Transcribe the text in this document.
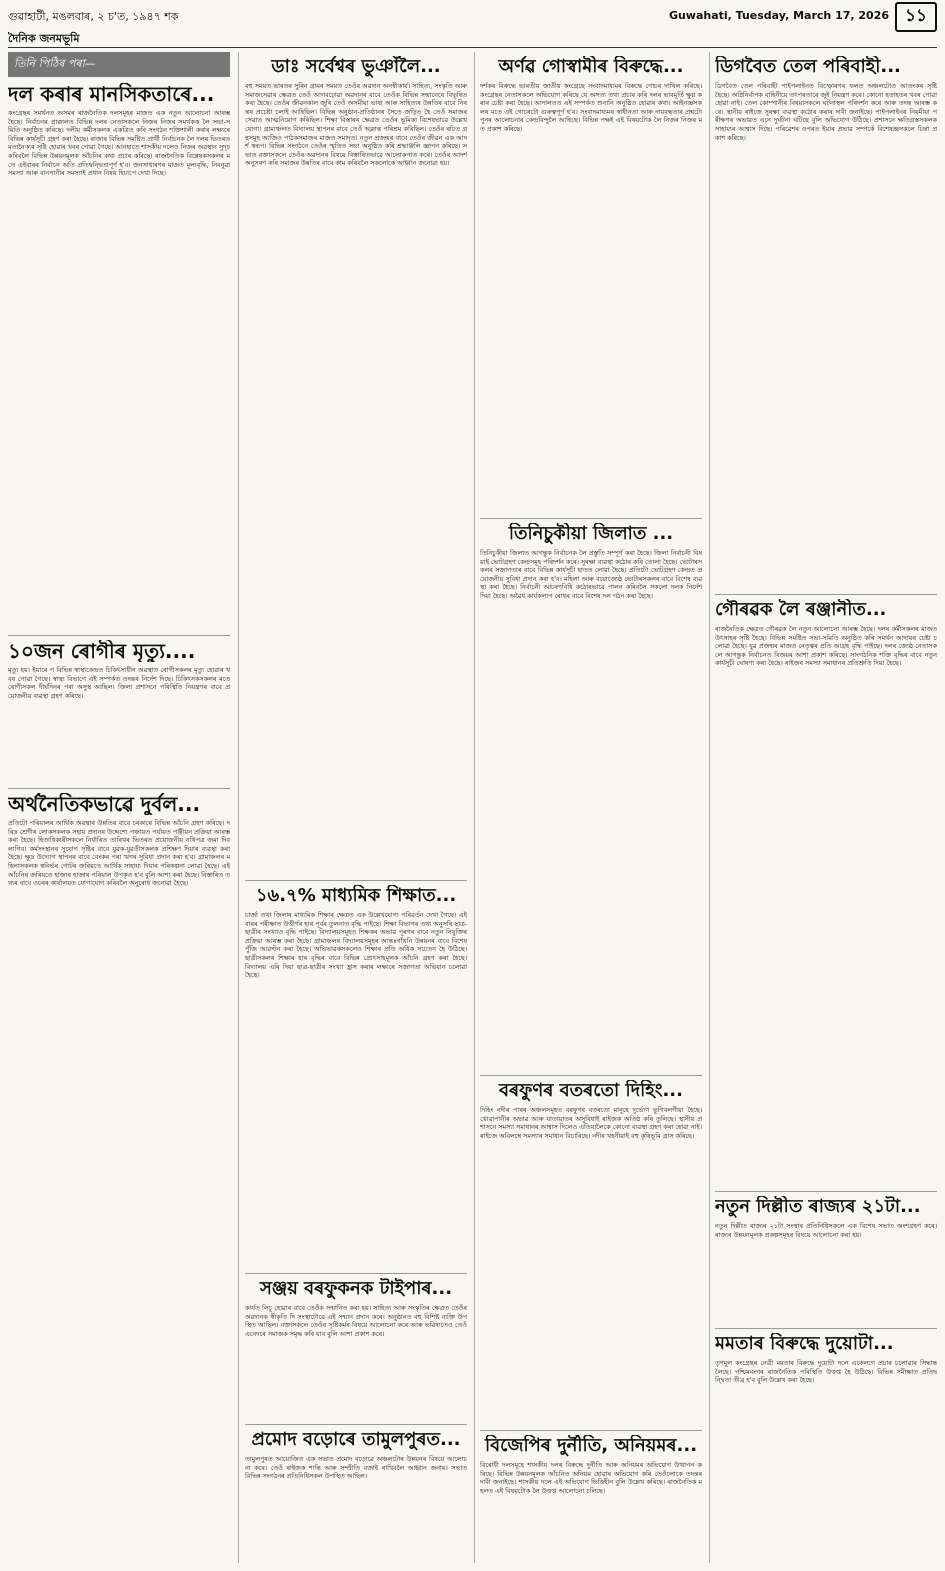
গুৱাহাটী, মঙলবাৰ, ২ চ'ত, ১৯৪৭ শক	Guwahati, Tuesday, March 17, 2026 ১১
দৈনিক জনমভূমি
তিনি পিঠিৰ পৰা—
দল কৰাৰ মানসিকতাৰে...
কংগ্ৰেছৰ সমৰ্থনত অসমৰ ৰাজনৈতিক দলসমূহৰ মাজত এক নতুন আলোচনা আৰম্ভ হৈছে। নিৰ্বাচনৰ প্ৰাক্কালত বিভিন্ন দলৰ নেতাসকলে নিজৰ নিজৰ সমৰ্থকক লৈ সভা-সমিতি অনুষ্ঠিত কৰিছে। দলীয় কৰ্মীসকলক একত্ৰিত কৰি সংগঠন শক্তিশালী কৰাৰ লক্ষ্যৰে বিভিন্ন কাৰ্যসূচী গ্ৰহণ কৰা হৈছে। ৰাজ্যৰ বিভিন্ন সমষ্টিত প্ৰাৰ্থী নিৰ্বাচনক লৈ দলৰ ভিতৰত মতানৈক্যৰ সৃষ্টি হোৱাৰ খবৰ পোৱা গৈছে। আনহাতে শাসকীয় দলেও নিজৰ অৱস্থান সুদৃঢ় কৰিবলৈ বিভিন্ন উন্নয়নমূলক আঁচনিৰ কথা প্ৰচাৰ কৰিছে। ৰাজনৈতিক বিশ্লেষকসকলৰ মতে এইবাৰৰ নিৰ্বাচন অতি প্ৰতিদ্বন্দ্বিতাপূৰ্ণ হ'ব। জনসাধাৰণৰ মাজত মূল্যবৃদ্ধি, নিবনুৱা সমস্যা আৰু বানপানীৰ সমস্যাই প্ৰধান বিষয় হিচাপে দেখা দিছে।
১০জন ৰোগীৰ মৃত্যু....
মৃত্যু হয়। ইয়াৰে প বিভিন্ন স্বাস্থ্যকেন্দ্ৰত চিকিৎসাধীন অৱস্থাত ৰোগীসকলৰ মৃত্যু হোৱাৰ খবৰ পোৱা গৈছে। স্বাস্থ্য বিভাগে এই সম্পৰ্কত তদন্তৰ নিৰ্দেশ দিছে। চিকিৎসকসকলৰ মতে ৰোগীসকল দীৰ্ঘদিনৰ পৰা অসুস্থ আছিল। জিলা প্ৰশাসনে পৰিস্থিতি নিয়ন্ত্ৰণৰ বাবে প্ৰয়োজনীয় ব্যৱস্থা গ্ৰহণ কৰিছে।
অৰ্থনৈতিকভাৱে দুৰ্বল...
প্ৰতিটো পৰিয়ালৰ আৰ্থিক অৱস্থাৰ উন্নতিৰ বাবে চৰকাৰে বিভিন্ন আঁচনি গ্ৰহণ কৰিছে। দৰিদ্ৰ শ্ৰেণীৰ লোকসকলক সহায় প্ৰদানৰ উদ্দেশ্যে পঞ্চায়ত পৰ্যায়ত পঞ্জীয়ন প্ৰক্ৰিয়া আৰম্ভ কৰা হৈছে। হিতাধিকাৰীসকলে নিৰ্ধাৰিত তাৰিখৰ ভিতৰত প্ৰয়োজনীয় নথিপত্ৰ জমা দিব লাগিব। কৰ্মসংস্থানৰ সুযোগ সৃষ্টিৰ বাবে যুৱক-যুৱতীসকলক প্ৰশিক্ষণ দিয়াৰ ব্যৱস্থা কৰা হৈছে। ক্ষুদ্ৰ উদ্যোগ স্থাপনৰ বাবে বেংকৰ পৰা ঋণৰ সুবিধা প্ৰদান কৰা হ'ব। গ্ৰামাঞ্চলৰ মহিলাসকলক স্বনিৰ্ভৰ গোটৰ জৰিয়তে আৰ্থিক সাহায্য দিয়াৰ পৰিকল্পনা লোৱা হৈছে। এই আঁচনিৰ জৰিয়তে হাজাৰ হাজাৰ পৰিয়াল উপকৃত হ'ব বুলি আশা কৰা হৈছে। বিস্তাৰিত তথ্যৰ বাবে ওচৰৰ কাৰ্যালয়ত যোগাযোগ কৰিবলৈ অনুৰোধ জনোৱা হৈছে।
ডাঃ সৰ্বেশ্বৰ ভুঞাঁলৈ...
বহু সময়ত ভাৰতৰ সুৰিন গ্ৰামৰ সময়ত তেওঁৰ অৱদান অনস্বীকাৰ্য। সাহিত্য, সংস্কৃতি আৰু সমাজসেৱাৰ ক্ষেত্ৰত তেওঁ আগবঢ়োৱা অৱদানৰ বাবে তেওঁক বিভিন্ন সন্মানেৰে বিভূষিত কৰা হৈছে। তেওঁৰ জীৱনকাল জুৰি তেওঁ অসমীয়া ভাষা আৰু সাহিত্যৰ উন্নতিৰ বাবে নিৰন্তৰ প্ৰচেষ্টা চলাই আহিছিল। বিভিন্ন অনুষ্ঠান-প্ৰতিষ্ঠানৰ সৈতে জড়িত হৈ তেওঁ সমাজৰ সেৱাত আত্মনিয়োগ কৰিছিল। শিক্ষা বিস্তাৰৰ ক্ষেত্ৰত তেওঁৰ ভূমিকা বিশেষভাৱে উল্লেখযোগ্য। গ্ৰামাঞ্চলত বিদ্যালয় স্থাপনৰ বাবে তেওঁ অক্লান্ত পৰিশ্ৰম কৰিছিল। তেওঁৰ ৰচিত গ্ৰন্থসমূহ আজিও পাঠকসমাজৰ মাজত সমাদৃত। নতুন প্ৰজন্মৰ বাবে তেওঁৰ জীৱন এক আদৰ্শ স্বৰূপ। বিভিন্ন সংগঠনে তেওঁৰ স্মৃতিত সভা অনুষ্ঠিত কৰি শ্ৰদ্ধাঞ্জলি জ্ঞাপন কৰিছে। সভাত বক্তাসকলে তেওঁৰ অৱদানৰ বিষয়ে বিস্তাৰিতভাৱে আলোকপাত কৰে। তেওঁৰ আদৰ্শ অনুসৰণ কৰি সমাজৰ উন্নতিৰ বাবে কাম কৰিবলৈ সকলোকে আহ্বান জনোৱা হয়।
১৬.৭% মাধ্যমিক শিক্ষাত...
চাৰ্জা তথা জিলাৰ মাধ্যমিক শিক্ষাৰ ক্ষেত্ৰত এক উল্লেখযোগ্য পৰিৱৰ্তন দেখা গৈছে। এইবাৰৰ পৰীক্ষাত উত্তীৰ্ণৰ হাৰ পূৰ্বৰ তুলনাত বৃদ্ধি পাইছে। শিক্ষা বিভাগৰ তথ্য অনুসৰি ছাত্ৰ-ছাত্ৰীৰ সংখ্যাও বৃদ্ধি পাইছে। বিদ্যালয়সমূহত শিক্ষকৰ অভাৱ পূৰণৰ বাবে নতুন নিযুক্তিৰ প্ৰক্ৰিয়া আৰম্ভ কৰা হৈছে। গ্ৰামাঞ্চলৰ বিদ্যালয়সমূহৰ আন্তঃগাঁথনি উন্নয়নৰ বাবে বিশেষ পুঁজি আৱণ্টন কৰা হৈছে। অভিভাৱকসকলেও শিক্ষাৰ প্ৰতি অধিক সচেতন হৈ উঠিছে। ছাত্ৰীসকলৰ শিক্ষাৰ হাৰ বৃদ্ধিৰ বাবে বিভিন্ন প্ৰোৎসাহমূলক আঁচনি গ্ৰহণ কৰা হৈছে। বিদ্যালয় এৰি দিয়া ছাত্ৰ-ছাত্ৰীৰ সংখ্যা হ্ৰাস কৰাৰ লক্ষ্যৰে সজাগতা অভিযান চলোৱা হৈছে।
সঞ্জয় বৰফুকনক টাইপাৰ...
কাৰ্যত লিচু হোৱাৰ বাবে তেওঁক সন্মানিত কৰা হয়। সাহিত্য আৰু সংস্কৃতিৰ ক্ষেত্ৰত তেওঁৰ অৱদানক স্বীকৃতি দি সংস্থাটোৱে এই সন্মান প্ৰদান কৰে। অনুষ্ঠানত বহু বিশিষ্ট ব্যক্তি উপস্থিত আছিল। বক্তাসকলে তেওঁৰ সৃষ্টিকৰ্মৰ বিষয়ে আলোচনা কৰে আৰু ভৱিষ্যতেও তেওঁ এনেদৰে সমাজক সমৃদ্ধ কৰি যাব বুলি আশা প্ৰকাশ কৰে।
প্ৰমোদ বড়োৰে তামুলপুৰত...
তামুলপুৰত আয়োজিত এক সভাত প্ৰমোদ বড়োৱে অঞ্চলটোৰ উন্নয়নৰ বিষয়ে আলোচনা কৰে। তেওঁ ৰাইজক শান্তি আৰু সম্প্ৰীতি বজাই ৰাখিবলৈ আহ্বান জনায়। সভাত বিভিন্ন সংগঠনৰ প্ৰতিনিধিসকল উপস্থিত আছিল।
অৰ্ণৱ গোস্বামীৰ বিৰুদ্ধে...
দৰ্শকৰ বিৰুদ্ধে ভাৰতীয় জাতীয় কংগ্ৰেছে সংবাদমাধ্যমৰ বিৰুদ্ধে গোচৰ দাখিল কৰিছে। কংগ্ৰেছৰ নেতাসকলে অভিযোগ কৰিছে যে অসত্য তথ্য প্ৰচাৰ কৰি দলৰ ভাবমূৰ্তি ক্ষুণ্ণ কৰাৰ চেষ্টা কৰা হৈছে। আদালতত এই সম্পৰ্কত শুনানি অনুষ্ঠিত হোৱাৰ কথা। আইনজ্ঞসকলৰ মতে এই গোচৰটো গুৰুত্বপূৰ্ণ হ'ব। সংবাদমাধ্যমৰ স্বাধীনতা আৰু দায়বদ্ধতাৰ প্ৰশ্নটো পুনৰ আলোচনাৰ কেন্দ্ৰবিন্দুলৈ আহিছে। বিভিন্ন পক্ষই এই বিষয়টোক লৈ নিজৰ নিজৰ মত প্ৰকাশ কৰিছে।
তিনিচুকীয়া জিলাত ...
তিনিচুকীয়া জিলাত আগন্তুক নিৰ্বাচনক লৈ প্ৰস্তুতি সম্পূৰ্ণ কৰা হৈছে। জিলা নিৰ্বাচনী বিষয়াই ভোটগ্ৰহণ কেন্দ্ৰসমূহ পৰিদৰ্শন কৰে। সুৰক্ষা ব্যৱস্থা কঠোৰ কৰি তোলা হৈছে। ভোটাৰসকলৰ সজাগতাৰ বাবে বিভিন্ন কাৰ্যসূচী হাতত লোৱা হৈছে। প্ৰতিটো ভোটগ্ৰহণ কেন্দ্ৰত প্ৰয়োজনীয় সুবিধা প্ৰদান কৰা হ'ব। মহিলা আৰু বয়োজ্যেষ্ঠ ভোটাৰসকলৰ বাবে বিশেষ ব্যৱস্থা কৰা হৈছে। নিৰ্বাচনী আচৰণবিধি কঠোৰভাৱে পালন কৰিবলৈ সকলো দলক নিৰ্দেশ দিয়া হৈছে। অৱৈধ কাৰ্যকলাপ ৰোধৰ বাবে বিশেষ দল গঠন কৰা হৈছে।
বৰফুণৰ বতৰতো দিহিং...
দিহিং নদীৰ পাৰৰ অঞ্চলসমূহত বৰফুণৰ বতৰতো মানুহে দুৰ্ভোগ ভুগিবলগীয়া হৈছে। খোৱাপানীৰ অভাৱ আৰু যাতায়াতৰ অসুবিধাই ৰাইজক অতিষ্ঠ কৰি তুলিছে। স্থানীয় প্ৰশাসনে সমস্যা সমাধানৰ আশ্বাস দিলেও এতিয়ালৈকে কোনো ব্যৱস্থা গ্ৰহণ কৰা হোৱা নাই। ৰাইজে অবিলম্বে সমস্যাৰ সমাধান বিচাৰিছে। নদীৰ খহনীয়াই বহু কৃষিভূমি গ্ৰাস কৰিছে।
বিজেপিৰ দুৰ্নীতি, অনিয়মৰ...
বিৰোধী দলসমূহে শাসকীয় দলৰ বিৰুদ্ধে দুৰ্নীতি আৰু অনিয়মৰ অভিযোগ উত্থাপন কৰিছে। বিভিন্ন উন্নয়নমূলক আঁচনিত অনিয়ম হোৱাৰ অভিযোগ কৰি তেওঁলোকে তদন্তৰ দাবী জনাইছে। শাসকীয় দলে এই অভিযোগ ভিত্তিহীন বুলি উল্লেখ কৰিছে। ৰাজনৈতিক মহলত এই বিষয়টোক লৈ উত্তপ্ত আলোচনা চলিছে।
ডিগবৈত তেল পৰিবাহী...
ডিগবৈত তেল পৰিবাহী পাইপলাইনত বিস্ফোৰণৰ ফলত অঞ্চলটোত আতংকৰ সৃষ্টি হৈছে। অগ্নিনিৰ্বাপক বাহিনীয়ে তৎপৰতাৰে জুই নিয়ন্ত্ৰণ কৰে। কোনো হতাহতৰ খবৰ পোৱা হোৱা নাই। তেল কোম্পানীৰ বিষয়াসকলে ঘটনাস্থল পৰিদৰ্শন কৰে আৰু তদন্ত আৰম্ভ কৰে। স্থানীয় ৰাইজে সুৰক্ষা ব্যৱস্থা কঠোৰ কৰাৰ দাবী জনাইছে। পাইপলাইনৰ নিয়মীয়া পৰীক্ষণৰ অভাৱত এনে দুৰ্ঘটনা ঘটিছে বুলি অভিযোগ উঠিছে। প্ৰশাসনে ক্ষতিগ্ৰস্তসকলক সাহায্যৰ আশ্বাস দিছে। পৰিৱেশৰ ওপৰত ইয়াৰ প্ৰভাৱ সম্পৰ্কে বিশেষজ্ঞসকলে চিন্তা প্ৰকাশ কৰিছে।
গৌৰৱক লৈ ৰঞ্জানীত...
ৰাজনৈতিক ক্ষেত্ৰত গৌৰৱক লৈ নতুন আলোচনা আৰম্ভ হৈছে। দলৰ কৰ্মীসকলৰ মাজত উৎসাহৰ সৃষ্টি হৈছে। বিভিন্ন সমষ্টিত সভা-সমিতি অনুষ্ঠিত কৰি সমৰ্থন আদায়ৰ চেষ্টা চলোৱা হৈছে। যুৱ প্ৰজন্মৰ মাজত নেতৃত্বৰ প্ৰতি আগ্ৰহ বৃদ্ধি পাইছে। দলৰ জ্যেষ্ঠ নেতাসকলে আগন্তুক নিৰ্বাচনত বিজয়ৰ আশা প্ৰকাশ কৰিছে। সাংগঠনিক শক্তি বৃদ্ধিৰ বাবে নতুন কাৰ্যসূচী ঘোষণা কৰা হৈছে। ৰাইজৰ সমস্যা সমাধানৰ প্ৰতিশ্ৰুতি দিয়া হৈছে।
নতুন দিল্লীত ৰাজ্যৰ ২১টা...
নতুন দিল্লীত ৰাজ্যৰ ২১টা সংস্থাৰ প্ৰতিনিধিসকলে এক বিশেষ সভাত অংশগ্ৰহণ কৰে। ৰাজ্যৰ উন্নয়নমূলক প্ৰকল্পসমূহৰ বিষয়ে আলোচনা কৰা হয়।
মমতাৰ বিৰুদ্ধে দুয়োটা...
তৃণমূল কংগ্ৰেছৰ নেত্ৰী মমতাৰ বিৰুদ্ধে দুয়োটা দলে একেলগে প্ৰচাৰ চলোৱাৰ সিদ্ধান্ত লৈছে। পশ্চিমবংগৰ ৰাজনৈতিক পৰিস্থিতি উত্তপ্ত হৈ উঠিছে। বিভিন্ন সমীক্ষাত প্ৰতিদ্বন্দ্বিতা তীব্ৰ হ'ব বুলি উল্লেখ কৰা হৈছে।
